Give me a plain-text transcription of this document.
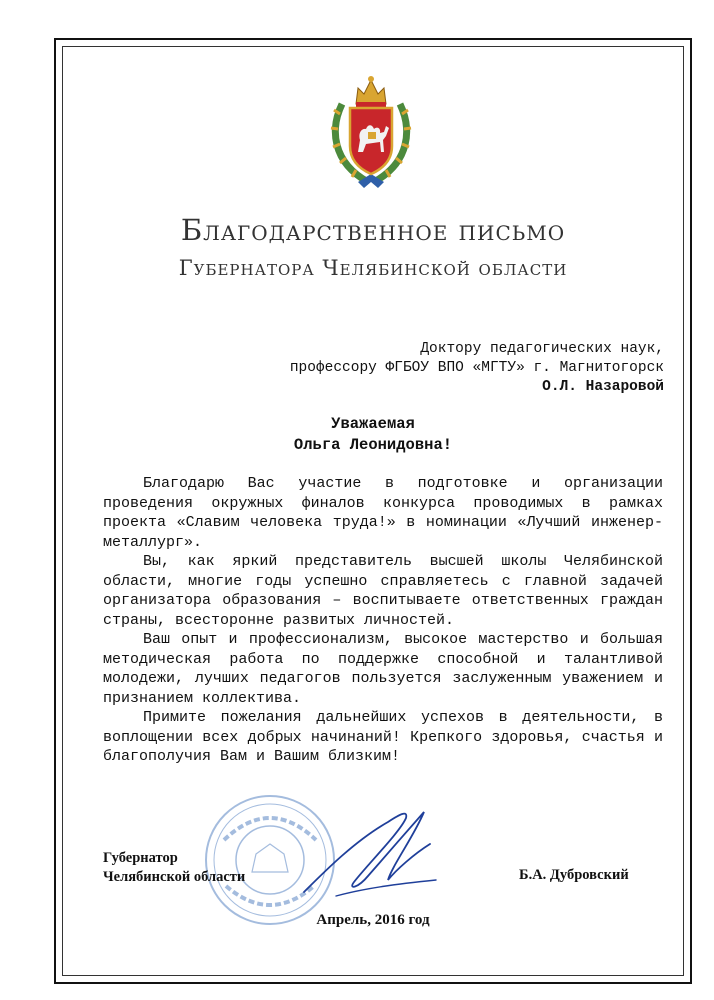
Благодарственное письмо
Губернатора Челябинской области
Доктору педагогических наук,
профессору ФГБОУ ВПО «МГТУ» г. Магнитогорск
О.Л. Назаровой
Уважаемая
Ольга Леонидовна!

Благодарю Вас участие в подготовке и организации проведения окружных финалов конкурса проводимых в рамках проекта «Славим человека труда!» в номинации «Лучший инженер-металлург».

Вы, как яркий представитель высшей школы Челябинской области, многие годы успешно справляетесь с главной задачей организатора образования – воспитываете ответственных граждан страны, всесторонне развитых личностей.

Ваш опыт и профессионализм, высокое мастерство и большая методическая работа по поддержке способной и талантливой молодежи, лучших педагогов пользуется заслуженным уважением и признанием коллектива.

Примите пожелания дальнейших успехов в деятельности, в воплощении всех добрых начинаний! Крепкого здоровья, счастья и благополучия Вам и Вашим близким!

Губернатор
Челябинской области	Б.А. Дубровский
Апрель, 2016 год
